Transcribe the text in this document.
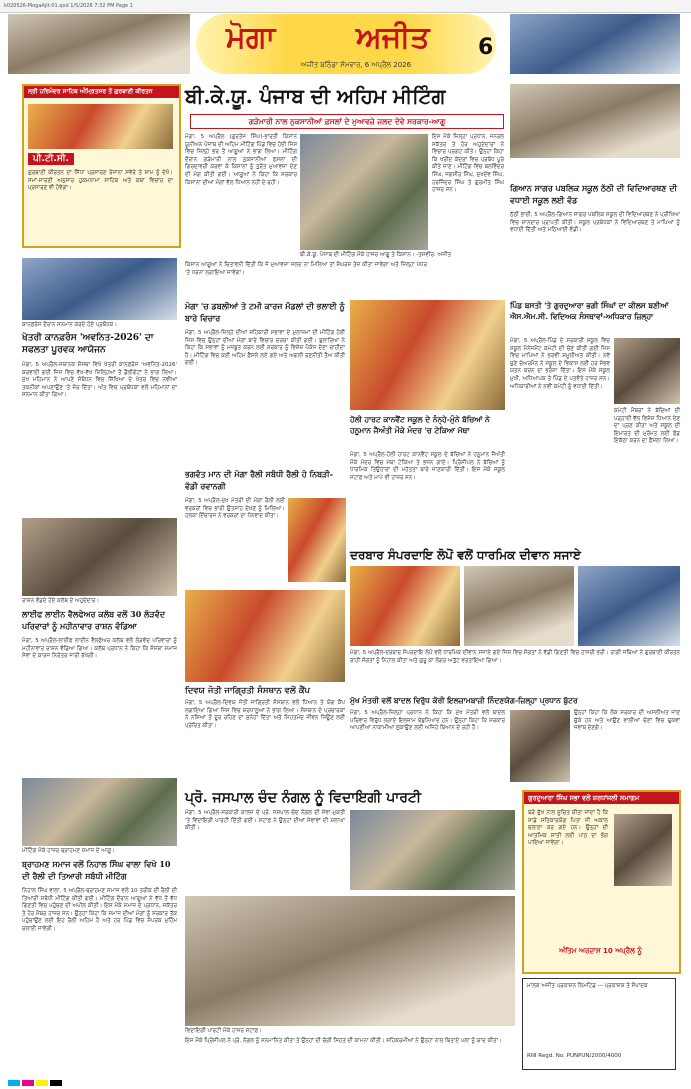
k020526-MogaAjit-01.qxd 1/5/2026 7:32 PM Page 1
ਮੋਗਾ	ਅਜੀਤ
ਅਜੀਤ ਬਠਿੰਡਾ ਸੋਮਵਾਰ, 6 ਅਪ੍ਰੈਲ 2026
6
ਸ੍ਰੀ ਹਰਿਮੰਦਰ ਸਾਹਿਬ ਅੰਮ੍ਰਿਤਸਰ ਤੋਂ ਗੁਰਬਾਣੀ ਕੀਰਤਨ
ਪੀ.ਟੀ.ਸੀ.
ਗੁਰਬਾਣੀ ਕੀਰਤਨ ਦਾ ਸਿੱਧਾ ਪ੍ਰਸਾਰਣ ਰੋਜ਼ਾਨਾ ਸਵੇਰੇ ਤੇ ਸ਼ਾਮ ਨੂੰ ਦੇਖੋ। ਸਮਾਂ-ਸਾਰਣੀ ਅਨੁਸਾਰ ਹੁਕਮਨਾਮਾ ਸਾਹਿਬ ਅਤੇ ਕਥਾ ਵਿਚਾਰ ਦਾ ਪ੍ਰਸਾਰਣ ਵੀ ਹੋਵੇਗਾ।
ਬੀ.ਕੇ.ਯੂ. ਪੰਜਾਬ ਦੀ ਅਹਿਮ ਮੀਟਿੰਗ
ਗੜੇਮਾਰੀ ਨਾਲ ਨੁਕਸਾਨੀਆਂ ਫ਼ਸਲਾਂ ਦੇ ਮੁਆਵਜ਼ੇ ਜਲਦ ਦੇਵੇ ਸਰਕਾਰ-ਆਗੂ
ਮੋਗਾ, 5 ਅਪ੍ਰੈਲ (ਗੁਰਤੇਜ ਸਿੰਘ)-ਭਾਰਤੀ ਕਿਸਾਨ ਯੂਨੀਅਨ ਪੰਜਾਬ ਦੀ ਅਹਿਮ ਮੀਟਿੰਗ ਪਿੰਡ ਵਿਚ ਹੋਈ ਜਿਸ ਵਿਚ ਜ਼ਿਲ੍ਹੇ ਭਰ ਤੋਂ ਆਗੂਆਂ ਨੇ ਭਾਗ ਲਿਆ। ਮੀਟਿੰਗ ਦੌਰਾਨ ਗੜੇਮਾਰੀ ਨਾਲ ਨੁਕਸਾਨੀਆਂ ਫ਼ਸਲਾਂ ਦੀ ਗਿਰਦਾਵਰੀ ਕਰਵਾ ਕੇ ਕਿਸਾਨਾਂ ਨੂੰ ਤੁਰੰਤ ਮੁਆਵਜ਼ਾ ਦੇਣ ਦੀ ਮੰਗ ਕੀਤੀ ਗਈ। ਆਗੂਆਂ ਨੇ ਕਿਹਾ ਕਿ ਸਰਕਾਰ ਕਿਸਾਨਾਂ ਦੀਆਂ ਮੰਗਾਂ ਵੱਲ ਧਿਆਨ ਨਹੀਂ ਦੇ ਰਹੀ।
ਇਸ ਮੌਕੇ ਜ਼ਿਲ੍ਹਾ ਪ੍ਰਧਾਨ, ਜਨਰਲ ਸਕੱਤਰ ਤੇ ਹੋਰ ਅਹੁਦੇਦਾਰਾਂ ਨੇ ਵਿਚਾਰ ਪ੍ਰਗਟ ਕੀਤੇ। ਉਨ੍ਹਾਂ ਕਿਹਾ ਕਿ ਖਰੀਦ ਕੇਂਦਰਾਂ ਵਿਚ ਪ੍ਰਬੰਧ ਪੂਰੇ ਕੀਤੇ ਜਾਣ। ਮੀਟਿੰਗ ਵਿਚ ਬਲਵਿੰਦਰ ਸਿੰਘ, ਜਗਸੀਰ ਸਿੰਘ, ਸੁਖਦੇਵ ਸਿੰਘ, ਹਰਜਿੰਦਰ ਸਿੰਘ ਤੇ ਗੁਰਮੀਤ ਸਿੰਘ ਹਾਜ਼ਰ ਸਨ।
ਬੀ.ਕੇ.ਯੂ. ਪੰਜਾਬ ਦੀ ਮੀਟਿੰਗ ਮੌਕੇ ਹਾਜ਼ਰ ਆਗੂ ਤੇ ਕਿਸਾਨ। -ਤਸਵੀਰ: ਅਜੀਤ
ਕਿਸਾਨ ਆਗੂਆਂ ਨੇ ਚਿਤਾਵਨੀ ਦਿੱਤੀ ਕਿ ਜੇ ਮੁਆਵਜ਼ਾ ਜਲਦ ਨਾ ਮਿਲਿਆ ਤਾਂ ਸੰਘਰਸ਼ ਤੇਜ਼ ਕੀਤਾ ਜਾਵੇਗਾ ਅਤੇ ਜ਼ਿਲ੍ਹਾ ਪੱਧਰ 'ਤੇ ਧਰਨਾ ਲਗਾਇਆ ਜਾਵੇਗਾ।
ਗਿਆਨ ਸਾਗਰ ਪਬਲਿਕ ਸਕੂਲ ਠੱਠੀ ਦੀ ਵਿਦਿਆਰਥਣ ਦੀ ਵਧਾਈ ਸਕੂਲ ਲਈ ਵੰਡ
ਠੱਠੀ ਭਾਈ, 5 ਅਪ੍ਰੈਲ-ਗਿਆਨ ਸਾਗਰ ਪਬਲਿਕ ਸਕੂਲ ਦੀ ਵਿਦਿਆਰਥਣ ਨੇ ਪ੍ਰੀਖਿਆ ਵਿਚ ਸ਼ਾਨਦਾਰ ਪ੍ਰਾਪਤੀ ਕੀਤੀ। ਸਕੂਲ ਪ੍ਰਬੰਧਕਾਂ ਨੇ ਵਿਦਿਆਰਥਣ ਤੇ ਮਾਪਿਆਂ ਨੂੰ ਵਧਾਈ ਦਿੱਤੀ ਅਤੇ ਮਠਿਆਈ ਵੰਡੀ।
ਕਾਨਫ਼ਰੰਸ ਦੌਰਾਨ ਸਨਮਾਨ ਕਰਦੇ ਹੋਏ ਪ੍ਰਬੰਧਕ।
ਖੇਤਰੀ ਕਾਨਫ਼ਰੰਸ 'ਅਵਨਿਤ-2026' ਦਾ ਸਫਲਤਾ ਪੂਰਵਕ ਆਯੋਜਨ
ਮੋਗਾ, 5 ਅਪ੍ਰੈਲ-ਸਥਾਨਕ ਸੰਸਥਾ ਵਿਖੇ ਖੇਤਰੀ ਕਾਨਫ਼ਰੰਸ 'ਅਵਨਿਤ-2026' ਕਰਵਾਈ ਗਈ ਜਿਸ ਵਿਚ ਵੱਖ-ਵੱਖ ਜ਼ਿਲ੍ਹਿਆਂ ਤੋਂ ਡੈਲੀਗੇਟਾਂ ਨੇ ਭਾਗ ਲਿਆ। ਮੁੱਖ ਮਹਿਮਾਨ ਨੇ ਆਪਣੇ ਸੰਬੋਧਨ ਵਿਚ ਸਿੱਖਿਆ ਦੇ ਖੇਤਰ ਵਿਚ ਨਵੀਆਂ ਤਕਨੀਕਾਂ ਅਪਣਾਉਣ 'ਤੇ ਜ਼ੋਰ ਦਿੱਤਾ। ਅੰਤ ਵਿਚ ਪ੍ਰਬੰਧਕਾਂ ਵਲੋਂ ਮਹਿਮਾਨਾਂ ਦਾ ਸਨਮਾਨ ਕੀਤਾ ਗਿਆ।
ਰਾਸ਼ਨ ਵੰਡਦੇ ਹੋਏ ਕਲੱਬ ਦੇ ਅਹੁਦੇਦਾਰ।
ਲਾਈਫ ਲਾਈਨ ਵੈਲਫੇਅਰ ਕਲੱਬ ਵਲੋਂ 30 ਲੋੜਵੰਦ ਪਰਿਵਾਰਾਂ ਨੂੰ ਮਹੀਨਾਵਾਰ ਰਾਸ਼ਨ ਵੰਡਿਆ
ਮੋਗਾ, 5 ਅਪ੍ਰੈਲ-ਲਾਈਫ ਲਾਈਨ ਵੈਲਫੇਅਰ ਕਲੱਬ ਵਲੋਂ ਲੋੜਵੰਦ ਪਰਿਵਾਰਾਂ ਨੂੰ ਮਹੀਨਾਵਾਰ ਰਾਸ਼ਨ ਵੰਡਿਆ ਗਿਆ। ਕਲੱਬ ਪ੍ਰਧਾਨ ਨੇ ਕਿਹਾ ਕਿ ਸੰਸਥਾ ਸਮਾਜ ਸੇਵਾ ਦੇ ਕਾਰਜ ਨਿਰੰਤਰ ਜਾਰੀ ਰੱਖੇਗੀ।
ਮੀਟਿੰਗ ਮੌਕੇ ਹਾਜ਼ਰ ਬ੍ਰਾਹਮਣ ਸਮਾਜ ਦੇ ਆਗੂ।
ਬ੍ਰਾਹਮਣ ਸਮਾਜ ਵਲੋਂ ਨਿਹਾਲ ਸਿੰਘ ਵਾਲਾ ਵਿਖੇ 10 ਦੀ ਰੈਲੀ ਦੀ ਤਿਆਰੀ ਸਬੰਧੀ ਮੀਟਿੰਗ
ਨਿਹਾਲ ਸਿੰਘ ਵਾਲਾ, 5 ਅਪ੍ਰੈਲ-ਬ੍ਰਾਹਮਣ ਸਮਾਜ ਵਲੋਂ 10 ਤਰੀਕ ਦੀ ਰੈਲੀ ਦੀ ਤਿਆਰੀ ਸਬੰਧੀ ਮੀਟਿੰਗ ਕੀਤੀ ਗਈ। ਮੀਟਿੰਗ ਦੌਰਾਨ ਆਗੂਆਂ ਨੇ ਵੱਧ ਤੋਂ ਵੱਧ ਗਿਣਤੀ ਵਿਚ ਪਹੁੰਚਣ ਦੀ ਅਪੀਲ ਕੀਤੀ। ਇਸ ਮੌਕੇ ਸਮਾਜ ਦੇ ਪ੍ਰਧਾਨ, ਸਕੱਤਰ ਤੇ ਹੋਰ ਮੈਂਬਰ ਹਾਜ਼ਰ ਸਨ। ਉਨ੍ਹਾਂ ਕਿਹਾ ਕਿ ਸਮਾਜ ਦੀਆਂ ਮੰਗਾਂ ਨੂੰ ਸਰਕਾਰ ਤੱਕ ਪਹੁੰਚਾਉਣ ਲਈ ਇਹ ਰੈਲੀ ਅਹਿਮ ਹੈ ਅਤੇ ਹਰ ਪਿੰਡ ਵਿਚ ਸੰਪਰਕ ਮੁਹਿੰਮ ਚਲਾਈ ਜਾਵੇਗੀ।
ਮੋਗਾ 'ਚ ਡਬਲੀਆਂ ਤੇ ਟਮੀ ਕਾਰਜ ਮੰਡਲਾਂ ਦੀ ਭਲਾਈ ਨੂੰ ਬਾਰੇ ਵਿਚਾਰ
ਮੋਗਾ, 5 ਅਪ੍ਰੈਲ-ਜ਼ਿਲ੍ਹੇ ਦੀਆਂ ਸਹਿਕਾਰੀ ਸਭਾਵਾਂ ਦੇ ਮੁਲਾਜ਼ਮਾਂ ਦੀ ਮੀਟਿੰਗ ਹੋਈ ਜਿਸ ਵਿਚ ਉਨ੍ਹਾਂ ਦੀਆਂ ਮੰਗਾਂ ਬਾਰੇ ਵਿਚਾਰ ਚਰਚਾ ਕੀਤੀ ਗਈ। ਬੁਲਾਰਿਆਂ ਨੇ ਕਿਹਾ ਕਿ ਸਭਾਵਾਂ ਨੂੰ ਮਜ਼ਬੂਤ ਕਰਨ ਲਈ ਸਰਕਾਰ ਨੂੰ ਵਿਸ਼ੇਸ਼ ਪੈਕੇਜ ਦੇਣਾ ਚਾਹੀਦਾ ਹੈ। ਮੀਟਿੰਗ ਵਿਚ ਕਈ ਅਹਿਮ ਫ਼ੈਸਲੇ ਲਏ ਗਏ ਅਤੇ ਅਗਲੀ ਰਣਨੀਤੀ ਤੈਅ ਕੀਤੀ ਗਈ।
ਭਗਵੰਤ ਮਾਨ ਦੀ ਮੋਗਾ ਰੈਲੀ ਸਬੰਧੀ ਰੈਲੀ ਹੋ ਨਿਬੜੀ-ਵੱਡੀ ਰਵਾਨਗੀ
ਮੋਗਾ, 5 ਅਪ੍ਰੈਲ-ਮੁੱਖ ਮੰਤਰੀ ਦੀ ਮੋਗਾ ਰੈਲੀ ਲਈ ਵਰਕਰਾਂ ਵਿਚ ਭਾਰੀ ਉਤਸ਼ਾਹ ਦੇਖਣ ਨੂੰ ਮਿਲਿਆ। ਹਲਕਾ ਇੰਚਾਰਜ ਨੇ ਵਰਕਰਾਂ ਦਾ ਧੰਨਵਾਦ ਕੀਤਾ।
ਹੋਲੀ ਹਾਰਟ ਕਾਨਵੈਂਟ ਸਕੂਲ ਦੇ ਨੰਨ੍ਹੇ-ਮੁੰਨੇ ਬੱਚਿਆਂ ਨੇ ਹਨੂਮਾਨ ਜੈਅੰਤੀ ਮੌਕੇ ਮੰਦਰ 'ਚ ਟੇਕਿਆ ਮੱਥਾ
ਮੋਗਾ, 5 ਅਪ੍ਰੈਲ-ਹੋਲੀ ਹਾਰਟ ਕਾਨਵੈਂਟ ਸਕੂਲ ਦੇ ਬੱਚਿਆਂ ਨੇ ਹਨੂਮਾਨ ਜੈਅੰਤੀ ਮੌਕੇ ਮੰਦਰ ਵਿਚ ਮੱਥਾ ਟੇਕਿਆ ਤੇ ਭਜਨ ਗਾਏ। ਪ੍ਰਿੰਸੀਪਲ ਨੇ ਬੱਚਿਆਂ ਨੂੰ ਧਾਰਮਿਕ ਤਿਉਹਾਰਾਂ ਦੀ ਮਹੱਤਤਾ ਬਾਰੇ ਜਾਣਕਾਰੀ ਦਿੱਤੀ। ਇਸ ਮੌਕੇ ਸਕੂਲ ਸਟਾਫ਼ ਅਤੇ ਮਾਪੇ ਵੀ ਹਾਜ਼ਰ ਸਨ।
ਪਿੰਡ ਬਸਤੀ 'ਤੇ ਗੁਰਦੁਆਰਾ ਭਗੀ ਸਿੰਘਾਂ ਦਾ ਕੀਲਸ ਬਣੀਆਂ ਐਸ.ਐਮ.ਸੀ. ਵਿਦਿਅਕ ਸੰਸਥਾਵਾਂ-ਅਧਿਕਾਰ ਜ਼ਿਲ੍ਹਾ
ਮੋਗਾ, 5 ਅਪ੍ਰੈਲ-ਪਿੰਡ ਦੇ ਸਰਕਾਰੀ ਸਕੂਲ ਵਿਚ ਸਕੂਲ ਮੈਨੇਜਮੈਂਟ ਕਮੇਟੀ ਦੀ ਚੋਣ ਕੀਤੀ ਗਈ ਜਿਸ ਵਿਚ ਮਾਪਿਆਂ ਨੇ ਭਰਵੀਂ ਸ਼ਮੂਲੀਅਤ ਕੀਤੀ। ਨਵੇਂ ਚੁਣੇ ਚੇਅਰਮੈਨ ਨੇ ਸਕੂਲ ਦੇ ਵਿਕਾਸ ਲਈ ਹਰ ਸੰਭਵ ਯਤਨ ਕਰਨ ਦਾ ਭਰੋਸਾ ਦਿੱਤਾ। ਇਸ ਮੌਕੇ ਸਕੂਲ ਮੁਖੀ, ਅਧਿਆਪਕ ਤੇ ਪਿੰਡ ਦੇ ਪਤਵੰਤੇ ਹਾਜ਼ਰ ਸਨ। ਅਧਿਕਾਰੀਆਂ ਨੇ ਨਵੀਂ ਕਮੇਟੀ ਨੂੰ ਵਧਾਈ ਦਿੱਤੀ।
ਕਮੇਟੀ ਮੈਂਬਰਾਂ ਨੇ ਬੱਚਿਆਂ ਦੀ ਪੜ੍ਹਾਈ ਵੱਲ ਵਿਸ਼ੇਸ਼ ਧਿਆਨ ਦੇਣ ਦਾ ਪ੍ਰਣ ਕੀਤਾ ਅਤੇ ਸਕੂਲ ਦੀ ਇਮਾਰਤ ਦੀ ਮੁਰੰਮਤ ਲਈ ਫੰਡ ਇਕੱਠਾ ਕਰਨ ਦਾ ਫ਼ੈਸਲਾ ਲਿਆ।
ਦਰਬਾਰ ਸੰਪਰਦਾਇ ਲੋਪੋਂ ਵਲੋਂ ਧਾਰਮਿਕ ਦੀਵਾਨ ਸਜਾਏ
ਮੋਗਾ, 5 ਅਪ੍ਰੈਲ-ਦਰਬਾਰ ਸੰਪਰਦਾਇ ਲੋਪੋਂ ਵਲੋਂ ਧਾਰਮਿਕ ਦੀਵਾਨ ਸਜਾਏ ਗਏ ਜਿਸ ਵਿਚ ਸੰਗਤਾਂ ਨੇ ਵੱਡੀ ਗਿਣਤੀ ਵਿਚ ਹਾਜ਼ਰੀ ਭਰੀ। ਰਾਗੀ ਜਥਿਆਂ ਨੇ ਗੁਰਬਾਣੀ ਕੀਰਤਨ ਰਾਹੀਂ ਸੰਗਤਾਂ ਨੂੰ ਨਿਹਾਲ ਕੀਤਾ ਅਤੇ ਗੁਰੂ ਕਾ ਲੰਗਰ ਅਤੁੱਟ ਵਰਤਾਇਆ ਗਿਆ।
ਦਿਵਯ ਜੋਤੀ ਜਾਗ੍ਰਿਤੀ ਸੰਸਥਾਨ ਵਲੋਂ ਕੈਂਪ
ਮੋਗਾ, 5 ਅਪ੍ਰੈਲ-ਦਿਵਯ ਜੋਤੀ ਜਾਗ੍ਰਿਤੀ ਸੰਸਥਾਨ ਵਲੋਂ ਧਿਆਨ ਤੇ ਯੋਗ ਕੈਂਪ ਲਗਾਇਆ ਗਿਆ ਜਿਸ ਵਿਚ ਸ਼ਰਧਾਲੂਆਂ ਨੇ ਭਾਗ ਲਿਆ। ਸੰਸਥਾਨ ਦੇ ਪ੍ਰਚਾਰਕਾਂ ਨੇ ਨਸ਼ਿਆਂ ਤੋਂ ਦੂਰ ਰਹਿਣ ਦਾ ਸੁਨੇਹਾ ਦਿੱਤਾ ਅਤੇ ਸਿਹਤਮੰਦ ਜੀਵਨ ਜਿਊਣ ਲਈ ਪ੍ਰੇਰਿਤ ਕੀਤਾ।
ਮੁੱਖ ਮੰਤਰੀ ਵਲੋਂ ਬਾਦਲ ਵਿਰੁੱਧ ਕੋਰੀ ਇਲਜ਼ਾਮਬਾਜ਼ੀ ਨਿੰਦਣਯੋਗ-ਜ਼ਿਲ੍ਹਾ ਪ੍ਰਧਾਨ ਬੁੱਟਰ
ਮੋਗਾ, 5 ਅਪ੍ਰੈਲ-ਜ਼ਿਲ੍ਹਾ ਪ੍ਰਧਾਨ ਨੇ ਕਿਹਾ ਕਿ ਮੁੱਖ ਮੰਤਰੀ ਵਲੋਂ ਬਾਦਲ ਪਰਿਵਾਰ ਵਿਰੁੱਧ ਲਗਾਏ ਇਲਜ਼ਾਮ ਬੇਬੁਨਿਆਦ ਹਨ। ਉਨ੍ਹਾਂ ਕਿਹਾ ਕਿ ਸਰਕਾਰ ਆਪਣੀਆਂ ਨਾਕਾਮੀਆਂ ਲੁਕਾਉਣ ਲਈ ਅਜਿਹੇ ਬਿਆਨ ਦੇ ਰਹੀ ਹੈ।
ਉਨ੍ਹਾਂ ਕਿਹਾ ਕਿ ਲੋਕ ਸਰਕਾਰ ਦੀ ਅਸਲੀਅਤ ਜਾਣ ਚੁੱਕੇ ਹਨ ਅਤੇ ਆਉਣ ਵਾਲੀਆਂ ਚੋਣਾਂ ਵਿਚ ਢੁਕਵਾਂ ਜਵਾਬ ਦੇਣਗੇ।
ਪ੍ਰੋ. ਜਸਪਾਲ ਚੰਦ ਨੰਗਲ ਨੂੰ ਵਿਦਾਇਗੀ ਪਾਰਟੀ
ਮੋਗਾ, 5 ਅਪ੍ਰੈਲ-ਸਰਕਾਰੀ ਕਾਲਜ ਦੇ ਪ੍ਰੋ. ਜਸਪਾਲ ਚੰਦ ਨੰਗਲ ਦੀ ਸੇਵਾ-ਮੁਕਤੀ 'ਤੇ ਵਿਦਾਇਗੀ ਪਾਰਟੀ ਦਿੱਤੀ ਗਈ। ਸਟਾਫ਼ ਨੇ ਉਨ੍ਹਾਂ ਦੀਆਂ ਸੇਵਾਵਾਂ ਦੀ ਸ਼ਲਾਘਾ ਕੀਤੀ।
ਵਿਦਾਇਗੀ ਪਾਰਟੀ ਮੌਕੇ ਹਾਜ਼ਰ ਸਟਾਫ਼।
ਇਸ ਮੌਕੇ ਪ੍ਰਿੰਸੀਪਲ ਨੇ ਪ੍ਰੋ. ਨੰਗਲ ਨੂੰ ਸਨਮਾਨਿਤ ਕੀਤਾ ਤੇ ਉਨ੍ਹਾਂ ਦੀ ਚੰਗੀ ਸਿਹਤ ਦੀ ਕਾਮਨਾ ਕੀਤੀ। ਸਹਿਕਰਮੀਆਂ ਨੇ ਉਨ੍ਹਾਂ ਨਾਲ ਬਿਤਾਏ ਪਲਾਂ ਨੂੰ ਯਾਦ ਕੀਤਾ।
ਗੁਰਦੁਆਰਾ ਸਿੰਘ ਸਭਾ ਵਲੋਂ ਸ਼ਰਧਾਂਜਲੀ ਸਮਾਗਮ
ਬੜੇ ਦੁੱਖ ਨਾਲ ਸੂਚਿਤ ਕੀਤਾ ਜਾਂਦਾ ਹੈ ਕਿ ਸਾਡੇ ਸਤਿਕਾਰਯੋਗ ਪਿਤਾ ਜੀ ਅਕਾਲ ਚਲਾਣਾ ਕਰ ਗਏ ਹਨ। ਉਨ੍ਹਾਂ ਦੀ ਆਤਮਿਕ ਸ਼ਾਂਤੀ ਲਈ ਪਾਠ ਦਾ ਭੋਗ ਪਾਇਆ ਜਾਵੇਗਾ।
ਅੰਤਿਮ ਅਰਦਾਸ 10 ਅਪ੍ਰੈਲ ਨੂੰ
ਮਾਲਕ ਅਜੀਤ ਪ੍ਰਕਾਸ਼ਨ ਲਿਮਟਿਡ — ਪ੍ਰਕਾਸ਼ਕ ਤੇ ਸੰਪਾਦਕ
RNI Regd. No. PUNPUN/2000/4000
